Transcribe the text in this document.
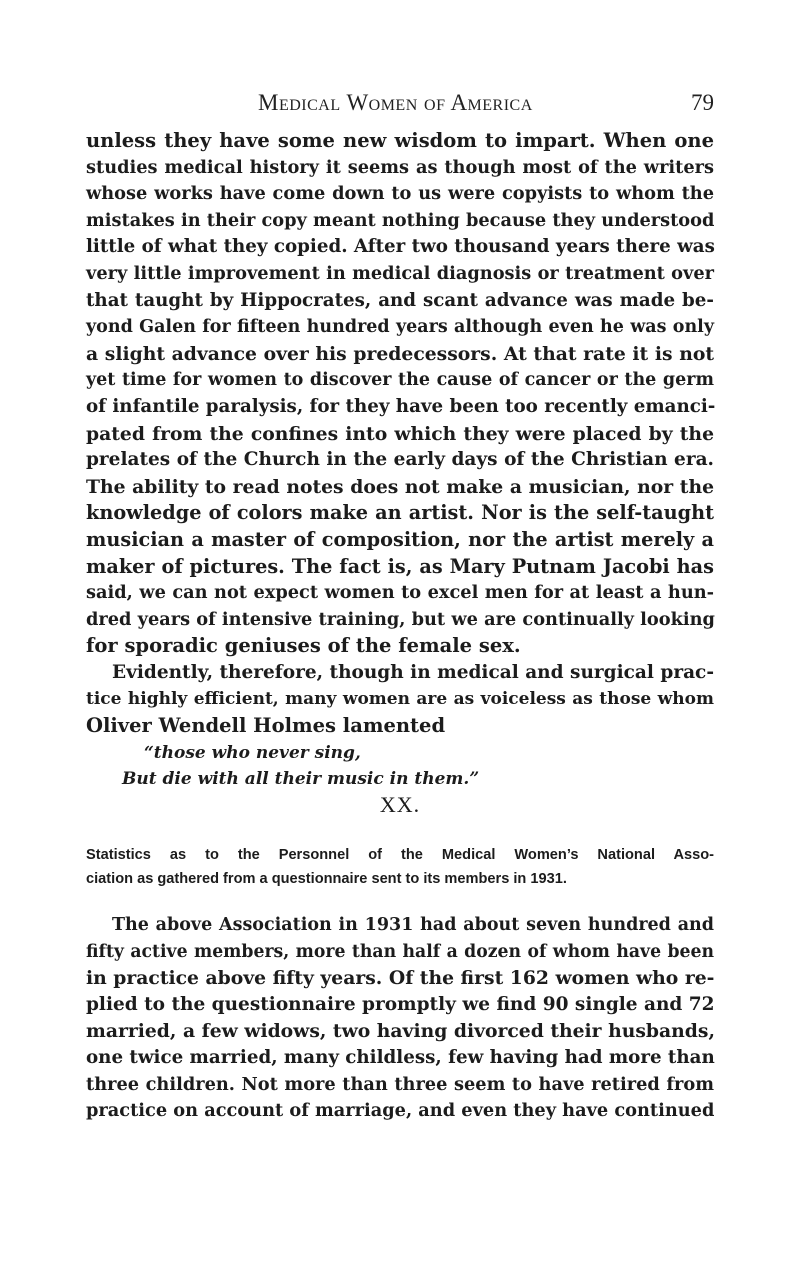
Medical Women of America	79
unless they have some new wisdom to impart. When one
studies medical history it seems as though most of the writers
whose works have come down to us were copyists to whom the
mistakes in their copy meant nothing because they understood
little of what they copied. After two thousand years there was
very little improvement in medical diagnosis or treatment over
that taught by Hippocrates, and scant advance was made be-
yond Galen for fifteen hundred years although even he was only
a slight advance over his predecessors. At that rate it is not
yet time for women to discover the cause of cancer or the germ
of infantile paralysis, for they have been too recently emanci-
pated from the confines into which they were placed by the
prelates of the Church in the early days of the Christian era.
The ability to read notes does not make a musician, nor the
knowledge of colors make an artist. Nor is the self-taught
musician a master of composition, nor the artist merely a
maker of pictures. The fact is, as Mary Putnam Jacobi has
said, we can not expect women to excel men for at least a hun-
dred years of intensive training, but we are continually looking
for sporadic geniuses of the female sex.
Evidently, therefore, though in medical and surgical prac-
tice highly efficient, many women are as voiceless as those whom
Oliver Wendell Holmes lamented
“those who never sing,
But die with all their music in them.”
XX.
Statistics as to the Personnel of the Medical Women’s National Asso-
ciation as gathered from a questionnaire sent to its members in 1931.
The above Association in 1931 had about seven hundred and
fifty active members, more than half a dozen of whom have been
in practice above fifty years. Of the first 162 women who re-
plied to the questionnaire promptly we find 90 single and 72
married, a few widows, two having divorced their husbands,
one twice married, many childless, few having had more than
three children. Not more than three seem to have retired from
practice on account of marriage, and even they have continued
